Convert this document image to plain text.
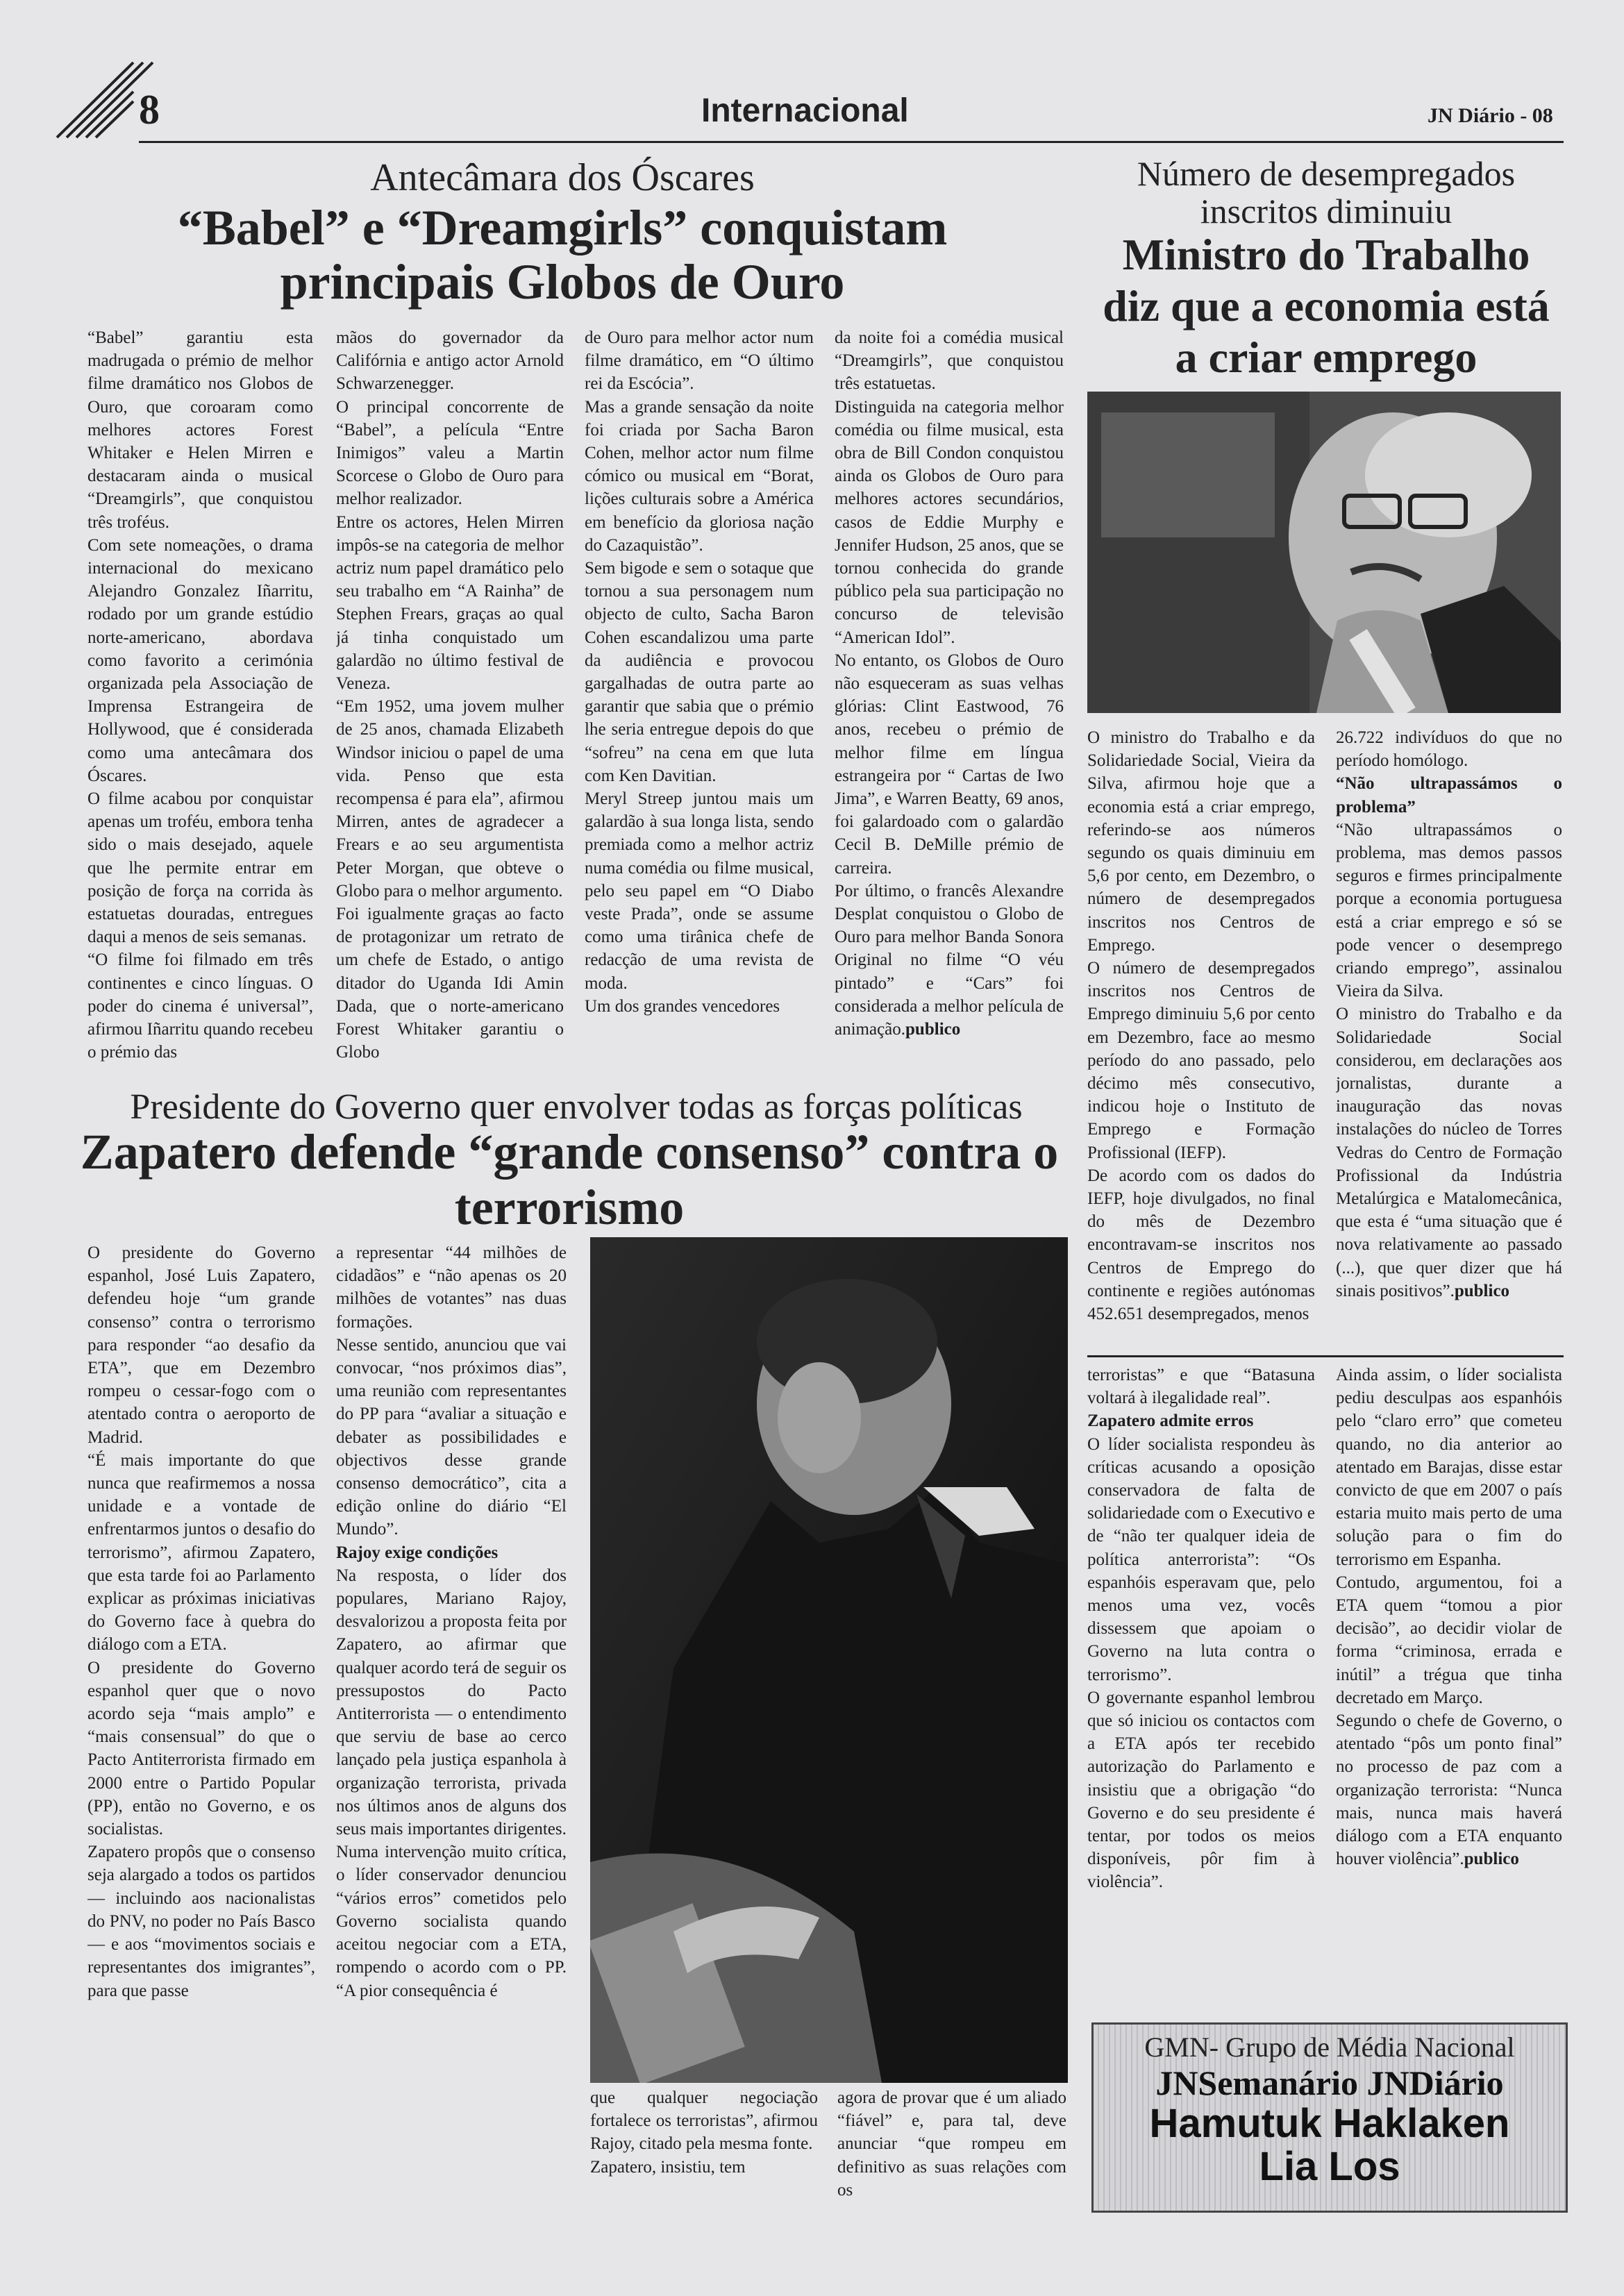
8	Internacional	JN Diário - 08
Antecâmara dos Óscares
“Babel” e “Dreamgirls” conquistam
principais Globos de Ouro

“Babel” garantiu esta madrugada o prémio de melhor filme dramático nos Globos de Ouro, que coroaram como melhores actores Forest Whitaker e Helen Mirren e destacaram ainda o musical “Dreamgirls”, que conquistou três troféus.

Com sete nomeações, o drama internacional do mexicano Alejandro Gonzalez Iñarritu, rodado por um grande estúdio norte-americano, abordava como favorito a cerimónia organizada pela Associação de Imprensa Estrangeira de Hollywood, que é considerada como uma antecâmara dos Óscares.

O filme acabou por conquistar apenas um troféu, embora tenha sido o mais desejado, aquele que lhe permite entrar em posição de força na corrida às estatuetas douradas, entregues daqui a menos de seis semanas.

“O filme foi filmado em três continentes e cinco línguas. O poder do cinema é universal”, afirmou Iñarritu quando recebeu o prémio das

mãos do governador da Califórnia e antigo actor Arnold Schwarzenegger.

O principal concorrente de “Babel”, a película “Entre Inimigos” valeu a Martin Scorcese o Globo de Ouro para melhor realizador.

Entre os actores, Helen Mirren impôs-se na categoria de melhor actriz num papel dramático pelo seu trabalho em “A Rainha” de Stephen Frears, graças ao qual já tinha conquistado um galardão no último festival de Veneza.

“Em 1952, uma jovem mulher de 25 anos, chamada Elizabeth Windsor iniciou o papel de uma vida. Penso que esta recompensa é para ela”, afirmou Mirren, antes de agradecer a Frears e ao seu argumentista Peter Morgan, que obteve o Globo para o melhor argumento.

Foi igualmente graças ao facto de protagonizar um retrato de um chefe de Estado, o antigo ditador do Uganda Idi Amin Dada, que o norte-americano Forest Whitaker garantiu o Globo

de Ouro para melhor actor num filme dramático, em “O último rei da Escócia”.

Mas a grande sensação da noite foi criada por Sacha Baron Cohen, melhor actor num filme cómico ou musical em “Borat, lições culturais sobre a América em benefício da gloriosa nação do Cazaquistão”.

Sem bigode e sem o sotaque que tornou a sua personagem num objecto de culto, Sacha Baron Cohen escandalizou uma parte da audiência e provocou gargalhadas de outra parte ao garantir que sabia que o prémio lhe seria entregue depois do que “sofreu” na cena em que luta com Ken Davitian.

Meryl Streep juntou mais um galardão à sua longa lista, sendo premiada como a melhor actriz numa comédia ou filme musical, pelo seu papel em “O Diabo veste Prada”, onde se assume como uma tirânica chefe de redacção de uma revista de moda.

Um dos grandes vencedores

da noite foi a comédia musical “Dreamgirls”, que conquistou três estatuetas.

Distinguida na categoria melhor comédia ou filme musical, esta obra de Bill Condon conquistou ainda os Globos de Ouro para melhores actores secundários, casos de Eddie Murphy e Jennifer Hudson, 25 anos, que se tornou conhecida do grande público pela sua participação no concurso de televisão “American Idol”.

No entanto, os Globos de Ouro não esqueceram as suas velhas glórias: Clint Eastwood, 76 anos, recebeu o prémio de melhor filme em língua estrangeira por “ Cartas de Iwo Jima”, e Warren Beatty, 69 anos, foi galardoado com o galardão Cecil B. DeMille prémio de carreira.

Por último, o francês Alexandre Desplat conquistou o Globo de Ouro para melhor Banda Sonora Original no filme “O véu pintado” e “Cars” foi considerada a melhor película de animação.publico

Número de desempregados
inscritos diminuiu
Ministro do Trabalho
diz que a economia está
a criar emprego

O ministro do Trabalho e da Solidariedade Social, Vieira da Silva, afirmou hoje que a economia está a criar emprego, referindo-se aos números segundo os quais diminuiu em 5,6 por cento, em Dezembro, o número de desempregados inscritos nos Centros de Emprego.

O número de desempregados inscritos nos Centros de Emprego diminuiu 5,6 por cento em Dezembro, face ao mesmo período do ano passado, pelo décimo mês consecutivo, indicou hoje o Instituto de Emprego e Formação Profissional (IEFP).

De acordo com os dados do IEFP, hoje divulgados, no final do mês de Dezembro encontravam-se inscritos nos Centros de Emprego do continente e regiões autónomas 452.651 desempregados, menos

26.722 indivíduos do que no período homólogo.

“Não ultrapassámos o problema”

“Não ultrapassámos o problema, mas demos passos seguros e firmes principalmente porque a economia portuguesa está a criar emprego e só se pode vencer o desemprego criando emprego”, assinalou Vieira da Silva.

O ministro do Trabalho e da Solidariedade Social considerou, em declarações aos jornalistas, durante a inauguração das novas instalações do núcleo de Torres Vedras do Centro de Formação Profissional da Indústria Metalúrgica e Matalomecânica, que esta é “uma situação que é nova relativamente ao passado (...), que quer dizer que há sinais positivos”.publico

Presidente do Governo quer envolver todas as forças políticas
Zapatero defende “grande consenso” contra o
terrorismo

O presidente do Governo espanhol, José Luis Zapatero, defendeu hoje “um grande consenso” contra o terrorismo para responder “ao desafio da ETA”, que em Dezembro rompeu o cessar-fogo com o atentado contra o aeroporto de Madrid.

“É mais importante do que nunca que reafirmemos a nossa unidade e a vontade de enfrentarmos juntos o desafio do terrorismo”, afirmou Zapatero, que esta tarde foi ao Parlamento explicar as próximas iniciativas do Governo face à quebra do diálogo com a ETA.

O presidente do Governo espanhol quer que o novo acordo seja “mais amplo” e “mais consensual” do que o Pacto Antiterrorista firmado em 2000 entre o Partido Popular (PP), então no Governo, e os socialistas.

Zapatero propôs que o consenso seja alargado a todos os partidos — incluindo aos nacionalistas do PNV, no poder no País Basco — e aos “movimentos sociais e representantes dos imigrantes”, para que passe

a representar “44 milhões de cidadãos” e “não apenas os 20 milhões de votantes” nas duas formações.

Nesse sentido, anunciou que vai convocar, “nos próximos dias”, uma reunião com representantes do PP para “avaliar a situação e debater as possibilidades e objectivos desse grande consenso democrático”, cita a edição online do diário “El Mundo”.

Rajoy exige condições

Na resposta, o líder dos populares, Mariano Rajoy, desvalorizou a proposta feita por Zapatero, ao afirmar que qualquer acordo terá de seguir os pressupostos do Pacto Antiterrorista — o entendimento que serviu de base ao cerco lançado pela justiça espanhola à organização terrorista, privada nos últimos anos de alguns dos seus mais importantes dirigentes.

Numa intervenção muito crítica, o líder conservador denunciou “vários erros” cometidos pelo Governo socialista quando aceitou negociar com a ETA, rompendo o acordo com o PP. “A pior consequência é

que qualquer negociação fortalece os terroristas”, afirmou Rajoy, citado pela mesma fonte.
Zapatero, insistiu, tem

agora de provar que é um aliado “fiável” e, para tal, deve anunciar “que rompeu em definitivo as suas relações com os

terroristas” e que “Batasuna voltará à ilegalidade real”.

Zapatero admite erros

O líder socialista respondeu às críticas acusando a oposição conservadora de falta de solidariedade com o Executivo e de “não ter qualquer ideia de política anterrorista”: “Os espanhóis esperavam que, pelo menos uma vez, vocês dissessem que apoiam o Governo na luta contra o terrorismo”.

O governante espanhol lembrou que só iniciou os contactos com a ETA após ter recebido autorização do Parlamento e insistiu que a obrigação “do Governo e do seu presidente é tentar, por todos os meios disponíveis, pôr fim à violência”.

Ainda assim, o líder socialista pediu desculpas aos espanhóis pelo “claro erro” que cometeu quando, no dia anterior ao atentado em Barajas, disse estar convicto de que em 2007 o país estaria muito mais perto de uma solução para o fim do terrorismo em Espanha.

Contudo, argumentou, foi a ETA quem “tomou a pior decisão”, ao decidir violar de forma “criminosa, errada e inútil” a trégua que tinha decretado em Março.

Segundo o chefe de Governo, o atentado “pôs um ponto final” no processo de paz com a organização terrorista: “Nunca mais, nunca mais haverá diálogo com a ETA enquanto houver violência”.publico

GMN- Grupo de Média Nacional
JNSemanário JNDiário
Hamutuk Haklaken
Lia Los
